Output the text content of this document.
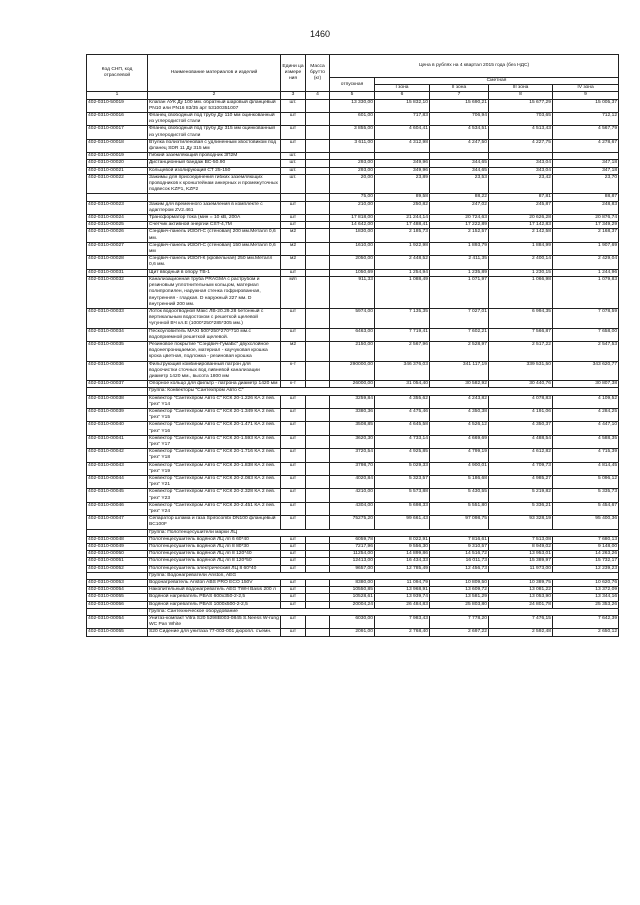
1460
Код СНП, код отраслевой	Наименование материалов и изделий	Едини ца измере ния	Масса брутто (кг)	Цена в рублях на 4 квартал 2015 года (без НДС)				
				отпускная	Сметная			
					I зона	II зона	III зона	IV зона
1	2	3	4	5	6	7	8	9
402-0310-50019	Клапан АУК Ду 100 мм. обратный шаровый фланцевый PN10 или PN16 83/35 арт 53100351007	шт.		13 330,00	15 832,10	15 690,21	15 677,29	15 005,37
402-0310-00016	Фланец свободный под трубу Ду 110 мм оцинкованный из углеродистой стали	шт		601,00	717,83	706,94	703,65	712,12
402-0310-00017	Фланец свободный под трубу Ду 315 мм оцинкованный из углеродистой стали	шт		3 855,00	4 604,41	4 534,51	4 513,43	4 567,79
402-0310-00018	Втулка полиэтиленовая с удлиненным хвостовиком под фланец SDR 11 Ду 315 мм	шт		3 611,00	4 312,98	4 247,50	4 227,75	4 278,67
402-0310-00019	Гибкий заземляющий проводник ЗП2М	шт.						
402-0310-00020	Дистанционный бандаж ВС-50.90	шт.		293,00	349,96	344,65	343,04	347,18
402-0310-00021	Кольцевой изолирующий СТ 25-150	шт.		293,00	349,96	344,65	343,04	347,18
402-0310-00022	Зажимы для присоединения гибких заземляющих проводников к кронштейнам анкерных и промежуточных подвесок KZP1, KZP2	шт.		20,00	23,89	23,53	23,42	23,70
				75,00	89,58	88,22	87,81	88,87
402-0310-00023	Зажим для временного заземления в комплекте с адаптером ZV2.461	шт		210,00	250,82	247,02	245,87	248,83
402-0310-00024	Трансформатор тока (мин = 10 кВ, 200А	шт		17 818,00	21 244,14	20 724,63	20 626,28	20 876,74
402-0310-00025	Счетчик активной энергии CST-4,7М	шт		14 642,00	17 488,41	17 222,89	17 142,83	17 349,29
402-0310-00026	Сэндвич-панель ИЗОЛ-С (стеновая) 200 мм.Металл 0,6 мм.	м2		1830,00	2 185,73	2 152,57	2 142,58	2 168,37
402-0310-00027	Сэндвич-панель ИЗОЛ-С (стеновая) 150 мм.Металл 0,6 мм	м2		1610,00	1 922,98	1 893,79	1 884,99	1 907,69
402-0310-00028	Сэндвич-панель ИЗОЛ-К (кровельная) 250 мм.Металл 0,6 мм.	м2		2050,00	2 448,52	2 411,35	2 400,14	2 429,04
402-0310-00031	Щит вводный в опору ТВ-1	шт		1050,69	1 254,94	1 235,89	1 230,15	1 244,96
402-0310-00032	Канализационная труба PRAGMA с раструбом и резиновым уплотнительным кольцом, материал полипропилен, наружная стенка гофрированная, внутренняя - гладкая. D наружный 227 мм. D внутренний 200 мм.	м/п		911,33	1 088,49	1 071,97	1 066,98	1 079,83
402-0310-00033	Лоток водоотводной Макс ЛВ-20.29.28 бетонный с вертикальным водостоком с решеткой щелевой чугунной ВЧ кл.Е (1000*250*285*305 мм.)	шт		5974,00	7 135,35	7 027,01	6 994,35	7 078,59
402-0310-00034	Пескоуловитель МАХI 500*250*270*710 мм.с водоприемной решеткой щелевой.	шт		6463,00	7 719,41	7 602,21	7 566,87	7 658,00
402-0310-00035	Резиновое покрытие "Сэндвич-ГумаБс" двухслойное водонепроницаемое, материал - каучуковая крошка кроха цветная, подложка - резиновая крошка	м2		2150,00	2 567,96	2 528,97	2 517,22	2 547,53
402-0310-00036	Фильтрующий комбинированный патрон для водоочистки сточных вод ливневой канализации диаметр 1420 мм., высота 1800 мм	к-т		290000,00	346 376,03	341 117,19	339 531,50	343 620,77
402-0310-00037	Опорное кольцо для фильтр - патрона диаметр 1420 мм	к-т		26000,00	31 054,40	30 582,92	30 440,76	30 807,38
	Группа: Конвекторы "Сантехпром Авто С"							
402-0310-00038	Конвектор "Сантехпром Авто С" КСК 20-1.226 КА 2 пев. "рез" Y14	шт		3259,84	4 355,62	4 243,82	4 078,83	4 109,52
402-0310-00039	Конвектор "Сантехпром Авто С" КСК 20-1.349 КА 2 пев. "рез" Y15	шт		3380,36	4 475,46	4 350,38	4 191,06	4 284,25
402-0310-00040	Конвектор "Сантехпром Авто С" КСК 20-1.471 КА 2 пев. "рез" Y16	шт		3508,85	4 645,58	4 526,12	4 350,37	4 447,10
402-0310-00041	Конвектор "Сантехпром Авто С" КСК 20-1.593 КА 2 пев. "рез" Y17	шт		3620,30	4 733,14	4 669,69	4 488,54	4 588,35
402-0310-00042	Конвектор "Сантехпром Авто С" КСК 20-1.716 КА 2 пев. "рез" Y18	шт		3720,54	4 925,85	4 799,19	4 612,82	4 715,39
402-0310-00043	Конвектор "Сантехпром Авто С" КСК 20-1.838 КА 2 пев. "рез" Y19	шт		3798,70	5 029,33	4 900,01	4 709,73	4 814,45
402-0310-00044	Конвектор "Сантехпром Авто С" КСК 20-2.083 КА 2 пев. "рез" Y21	шт		4020,84	5 323,57	5 186,68	4 985,27	5 096,12
402-0310-00045	Конвектор "Сантехпром Авто С" КСК 20-2.328 КА 2 пев. "рез" Y23	шт		4210,00	5 573,88	5 430,55	5 219,82	5 335,73
402-0310-00046	Конвектор "Сантехпром Авто С" КСК 20-2.451 КА 2 пев. "рез" Y24	шт		4304,00	5 698,33	5 551,80	5 336,21	5 454,67
402-0310-00047	Сепаратор шлама и газа Spirocombi DN100 фланцевый BC100F	шт		75275,20	99 661,43	97 098,75	93 328,19	95 400,36
	Группа: Полотенцесушители марки ЛЦ							
402-0310-00048	Полотенцесушитель водяной ЛЦ лп 6 60*40	шт		6059,78	8 022,91	7 816,61	7 513,08	7 680,13
402-0310-00049	Полотенцесушитель водяной ЛЦ лп 8 80*30	шт		7217,96	9 556,30	9 310,57	8 949,02	9 148,00
402-0310-00050	Полотенцесушитель водяной ЛЦ лп 8 120*40	шт		11254,00	14 899,86	14 516,72	13 953,01	14 263,26
402-0310-00051	Полотенцесушитель водяной ЛЦ лп 8 120*50	шт		12413,00	16 434,33	16 011,73	15 389,97	15 732,17
402-0310-00052	Полотенцесушитель электрический ЛЦ 8 60*40	шт		9657,00	12 785,49	12 456,73	11 973,00	12 239,23
	Группа: Водонагреватели Ariston, AEG							
402-0310-00053	Водонагреватель Ariston ABS PRO ECO 150V	шт		8380,00	11 094,79	10 809,50	10 389,75	10 620,76
402-0310-00054	Накопительный водонагреватель AEG TWH Basis 200 л	шт		10550,85	13 968,91	13 609,72	13 081,22	13 372,09
402-0310-00055	Водяной нагреватель PBAS 600x350-2-2,5	шт		10528,61	13 939,74	13 581,29	13 053,90	13 344,16
402-0310-00056	Водяной нагреватель PBAS 1000x500-2-2,5	шт		20004,24	26 484,83	25 803,80	24 801,78	25 353,26
	Группа: Сантехническое оборудование							
402-0310-00054	Унитаз-компакт Vitra S20 5298B003-0845 S.Neess W-rung WC Pan White	шт		6030,00	7 983,43	7 778,20	7 476,15	7 642,39
402-0310-00055	S20 Сидение для унитаза 77-003-001 дюропл. съемн.	шт		2091,00	2 768,40	2 697,22	2 592,48	2 650,12
